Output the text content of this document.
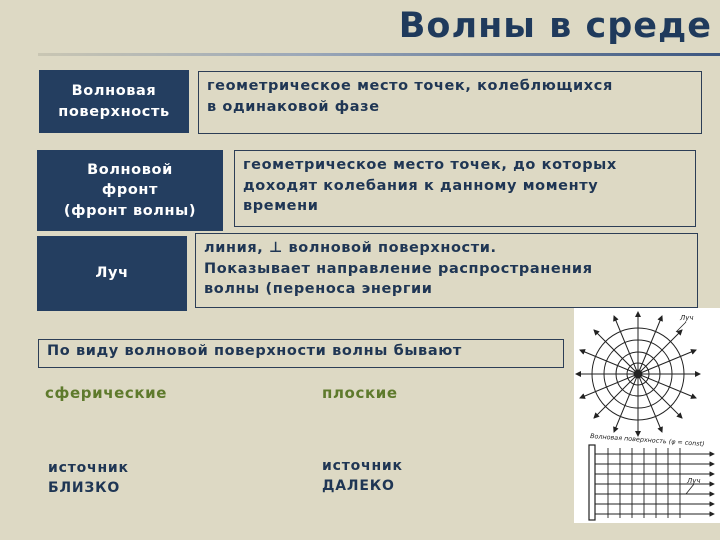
Волны в среде
Волновая
поверхность
геометрическое место точек, колеблющихся
в одинаковой фазе
Волновой
фронт
(фронт волны)
геометрическое место точек, до которых
доходят колебания к данному моменту
времени
Луч
линия, ⊥ волновой поверхности.
Показывает направление распространения
волны (переноса энергии
По виду волновой поверхности волны бывают
сферические	плоские
источник
БЛИЗКО
источник
ДАЛЕКО
Луч
Волновая поверхность (φ = const)
Луч
